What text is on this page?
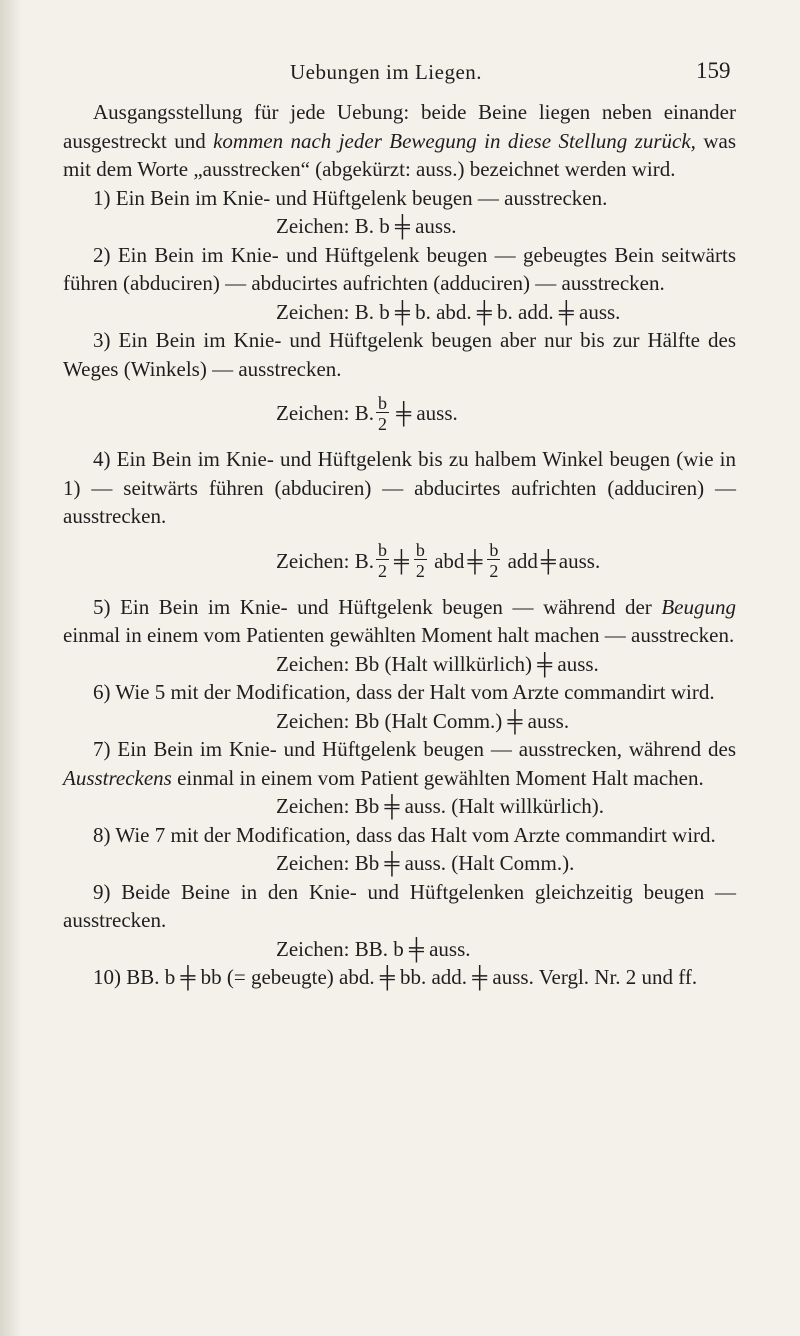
Uebungen im Liegen.	159

Ausgangsstellung für jede Uebung: beide Beine liegen neben einander ausgestreckt und kommen nach jeder Bewegung in diese Stellung zurück, was mit dem Worte „ausstrecken“ (abgekürzt: auss.) bezeichnet werden wird.

1) Ein Bein im Knie- und Hüftgelenk beugen — ausstrecken.

Zeichen: B. b ╪ auss.

2) Ein Bein im Knie- und Hüftgelenk beugen — gebeugtes Bein seitwärts führen (abduciren) — abducirtes aufrichten (adduciren) — ausstrecken.

Zeichen: B. b ╪ b. abd. ╪ b. add. ╪ auss.

3) Ein Bein im Knie- und Hüftgelenk beugen aber nur bis zur Hälfte des Weges (Winkels) — ausstrecken.

Zeichen: B. $\frac{b}{2}$ ╪ auss.

4) Ein Bein im Knie- und Hüftgelenk bis zu halbem Winkel beugen (wie in 1) — seitwärts führen (abduciren) — abducirtes aufrichten (adduciren) — ausstrecken.

Zeichen: B. $\frac{b}{2}$ ╪ $\frac{b}{2}$ abd ╪ $\frac{b}{2}$ add ╪ auss.

5) Ein Bein im Knie- und Hüftgelenk beugen — während der Beugung einmal in einem vom Patienten gewählten Moment halt machen — ausstrecken.

Zeichen: Bb (Halt willkürlich) ╪ auss.

6) Wie 5 mit der Modification, dass der Halt vom Arzte commandirt wird.

Zeichen: Bb (Halt Comm.) ╪ auss.

7) Ein Bein im Knie- und Hüftgelenk beugen — ausstrecken, während des Ausstreckens einmal in einem vom Patient gewählten Moment Halt machen.

Zeichen: Bb ╪ auss. (Halt willkürlich).

8) Wie 7 mit der Modification, dass das Halt vom Arzte commandirt wird.

Zeichen: Bb ╪ auss. (Halt Comm.).

9) Beide Beine in den Knie- und Hüftgelenken gleichzeitig beugen — ausstrecken.

Zeichen: BB. b ╪ auss.

10) BB. b ╪ bb (= gebeugte) abd. ╪ bb. add. ╪ auss. Vergl. Nr. 2 und ff.
